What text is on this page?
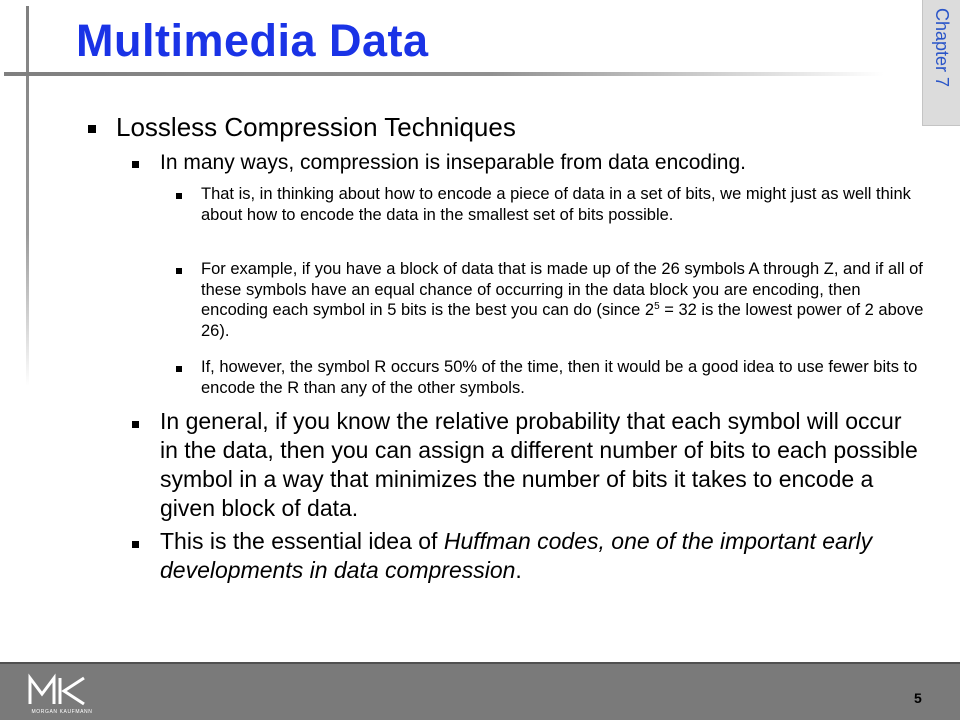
Multimedia Data	Chapter 7
Lossless Compression Techniques
In many ways, compression is inseparable from data encoding.
That is, in thinking about how to encode a piece of data in a set of bits, we might just as well think about how to encode the data in the smallest set of bits possible.
For example, if you have a block of data that is made up of the 26 symbols A through Z, and if all of these symbols have an equal chance of occurring in the data block you are encoding, then encoding each symbol in 5 bits is the best you can do (since $2^5 = 32$ is the lowest power of 2 above 26).
If, however, the symbol R occurs 50% of the time, then it would be a good idea to use fewer bits to encode the R than any of the other symbols.
In general, if you know the relative probability that each symbol will occur in the data, then you can assign a different number of bits to each possible symbol in a way that minimizes the number of bits it takes to encode a given block of data.
This is the essential idea of Huffman codes, one of the important early developments in data compression.
MORGAN KAUFMANN
5
